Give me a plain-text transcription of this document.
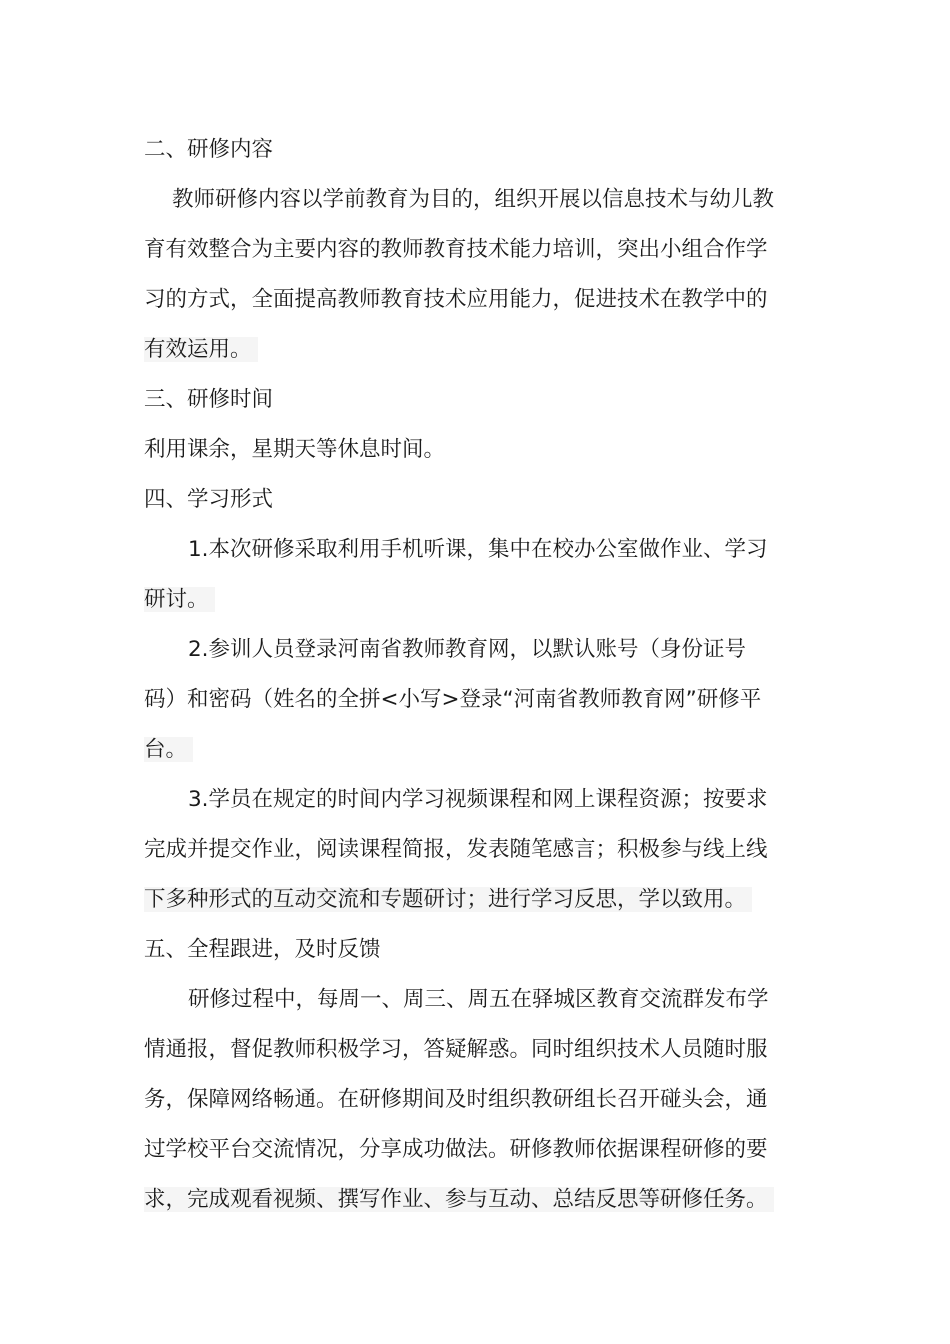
二、研修内容
教师研修内容以学前教育为目的，组织开展以信息技术与幼儿教
育有效整合为主要内容的教师教育技术能力培训，突出小组合作学
习的方式，全面提高教师教育技术应用能力，促进技术在教学中的
有效运用。
三、研修时间
利用课余，星期天等休息时间。
四、学习形式
1.本次研修采取利用手机听课，集中在校办公室做作业、学习
研讨。
2.参训人员登录河南省教师教育网，以默认账号（身份证号
码）和密码（姓名的全拼<小写>登录“河南省教师教育网”研修平
台。
3.学员在规定的时间内学习视频课程和网上课程资源；按要求
完成并提交作业，阅读课程简报，发表随笔感言；积极参与线上线
下多种形式的互动交流和专题研讨；进行学习反思，学以致用。
五、全程跟进，及时反馈
研修过程中，每周一、周三、周五在驿城区教育交流群发布学
情通报，督促教师积极学习，答疑解惑。同时组织技术人员随时服
务，保障网络畅通。在研修期间及时组织教研组长召开碰头会，通
过学校平台交流情况，分享成功做法。研修教师依据课程研修的要
求，完成观看视频、撰写作业、参与互动、总结反思等研修任务。
